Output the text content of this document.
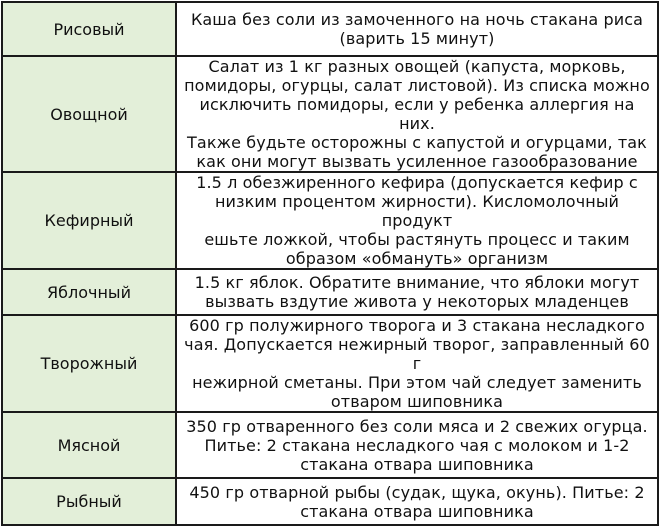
Рисовый	Каша без соли из замоченного на ночь стакана риса
(варить 15 минут)
Овощной	Салат из 1 кг разных овощей (капуста, морковь,
помидоры, огурцы, салат листовой). Из списка можно
исключить помидоры, если у ребенка аллергия на них.
Также будьте осторожны с капустой и огурцами, так
как они могут вызвать усиленное газообразование
Кефирный	1.5 л обезжиренного кефира (допускается кефир с
низким процентом жирности). Кисломолочный продукт
ешьте ложкой, чтобы растянуть процесс и таким
образом «обмануть» организм
Яблочный	1.5 кг яблок. Обратите внимание, что яблоки могут
вызвать вздутие живота у некоторых младенцев
Творожный	600 гр полужирного творога и 3 стакана несладкого
чая. Допускается нежирный творог, заправленный 60 г
нежирной сметаны. При этом чай следует заменить
отваром шиповника
Мясной	350 гр отваренного без соли мяса и 2 свежих огурца.
Питье: 2 стакана несладкого чая с молоком и 1-2
стакана отвара шиповника
Рыбный	450 гр отварной рыбы (судак, щука, окунь). Питье: 2
стакана отвара шиповника
